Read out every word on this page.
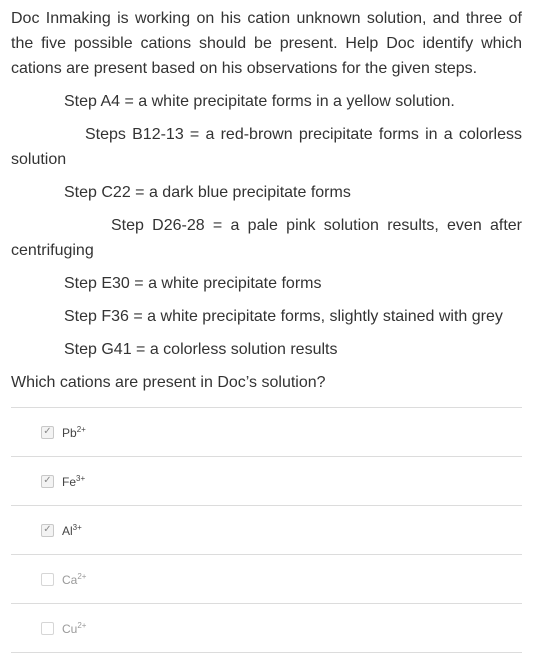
Doc Inmaking is working on his cation unknown solution, and three of the five possible cations should be present. Help Doc identify which cations are present based on his observations for the given steps.

Step A4 = a white precipitate forms in a yellow solution.

Steps B12-13 = a red-brown precipitate forms in a colorless solution

Step C22 = a dark blue precipitate forms

Step D26-28 = a pale pink solution results, even after centrifuging

Step E30 = a white precipitate forms

Step F36 = a white precipitate forms, slightly stained with grey

Step G41 = a colorless solution results

Which cations are present in Doc’s solution?

✓ $Pb^{2+}$
✓ $Fe^{3+}$
✓ $Al^{3+}$
$Ca^{2+}$
$Cu^{2+}$
